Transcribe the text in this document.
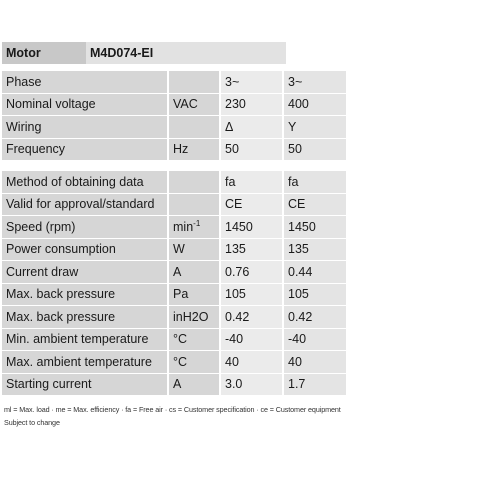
Motor	M4D074-EI
Phase		3~	3~
Nominal voltage	VAC	230	400
Wiring		Δ	Y
Frequency	Hz	50	50
Method of obtaining data		fa	fa
Valid for approval/standard		CE	CE
Speed (rpm)	$\min^{-1}$	1450	1450
Power consumption	W	135	135
Current draw	A	0.76	0.44
Max. back pressure	Pa	105	105
Max. back pressure	inH2O	0.42	0.42
Min. ambient temperature	°C	-40	-40
Max. ambient temperature	°C	40	40
Starting current	A	3.0	1.7
ml = Max. load · me = Max. efficiency · fa = Free air · cs = Customer specification · ce = Customer equipment
Subject to change
